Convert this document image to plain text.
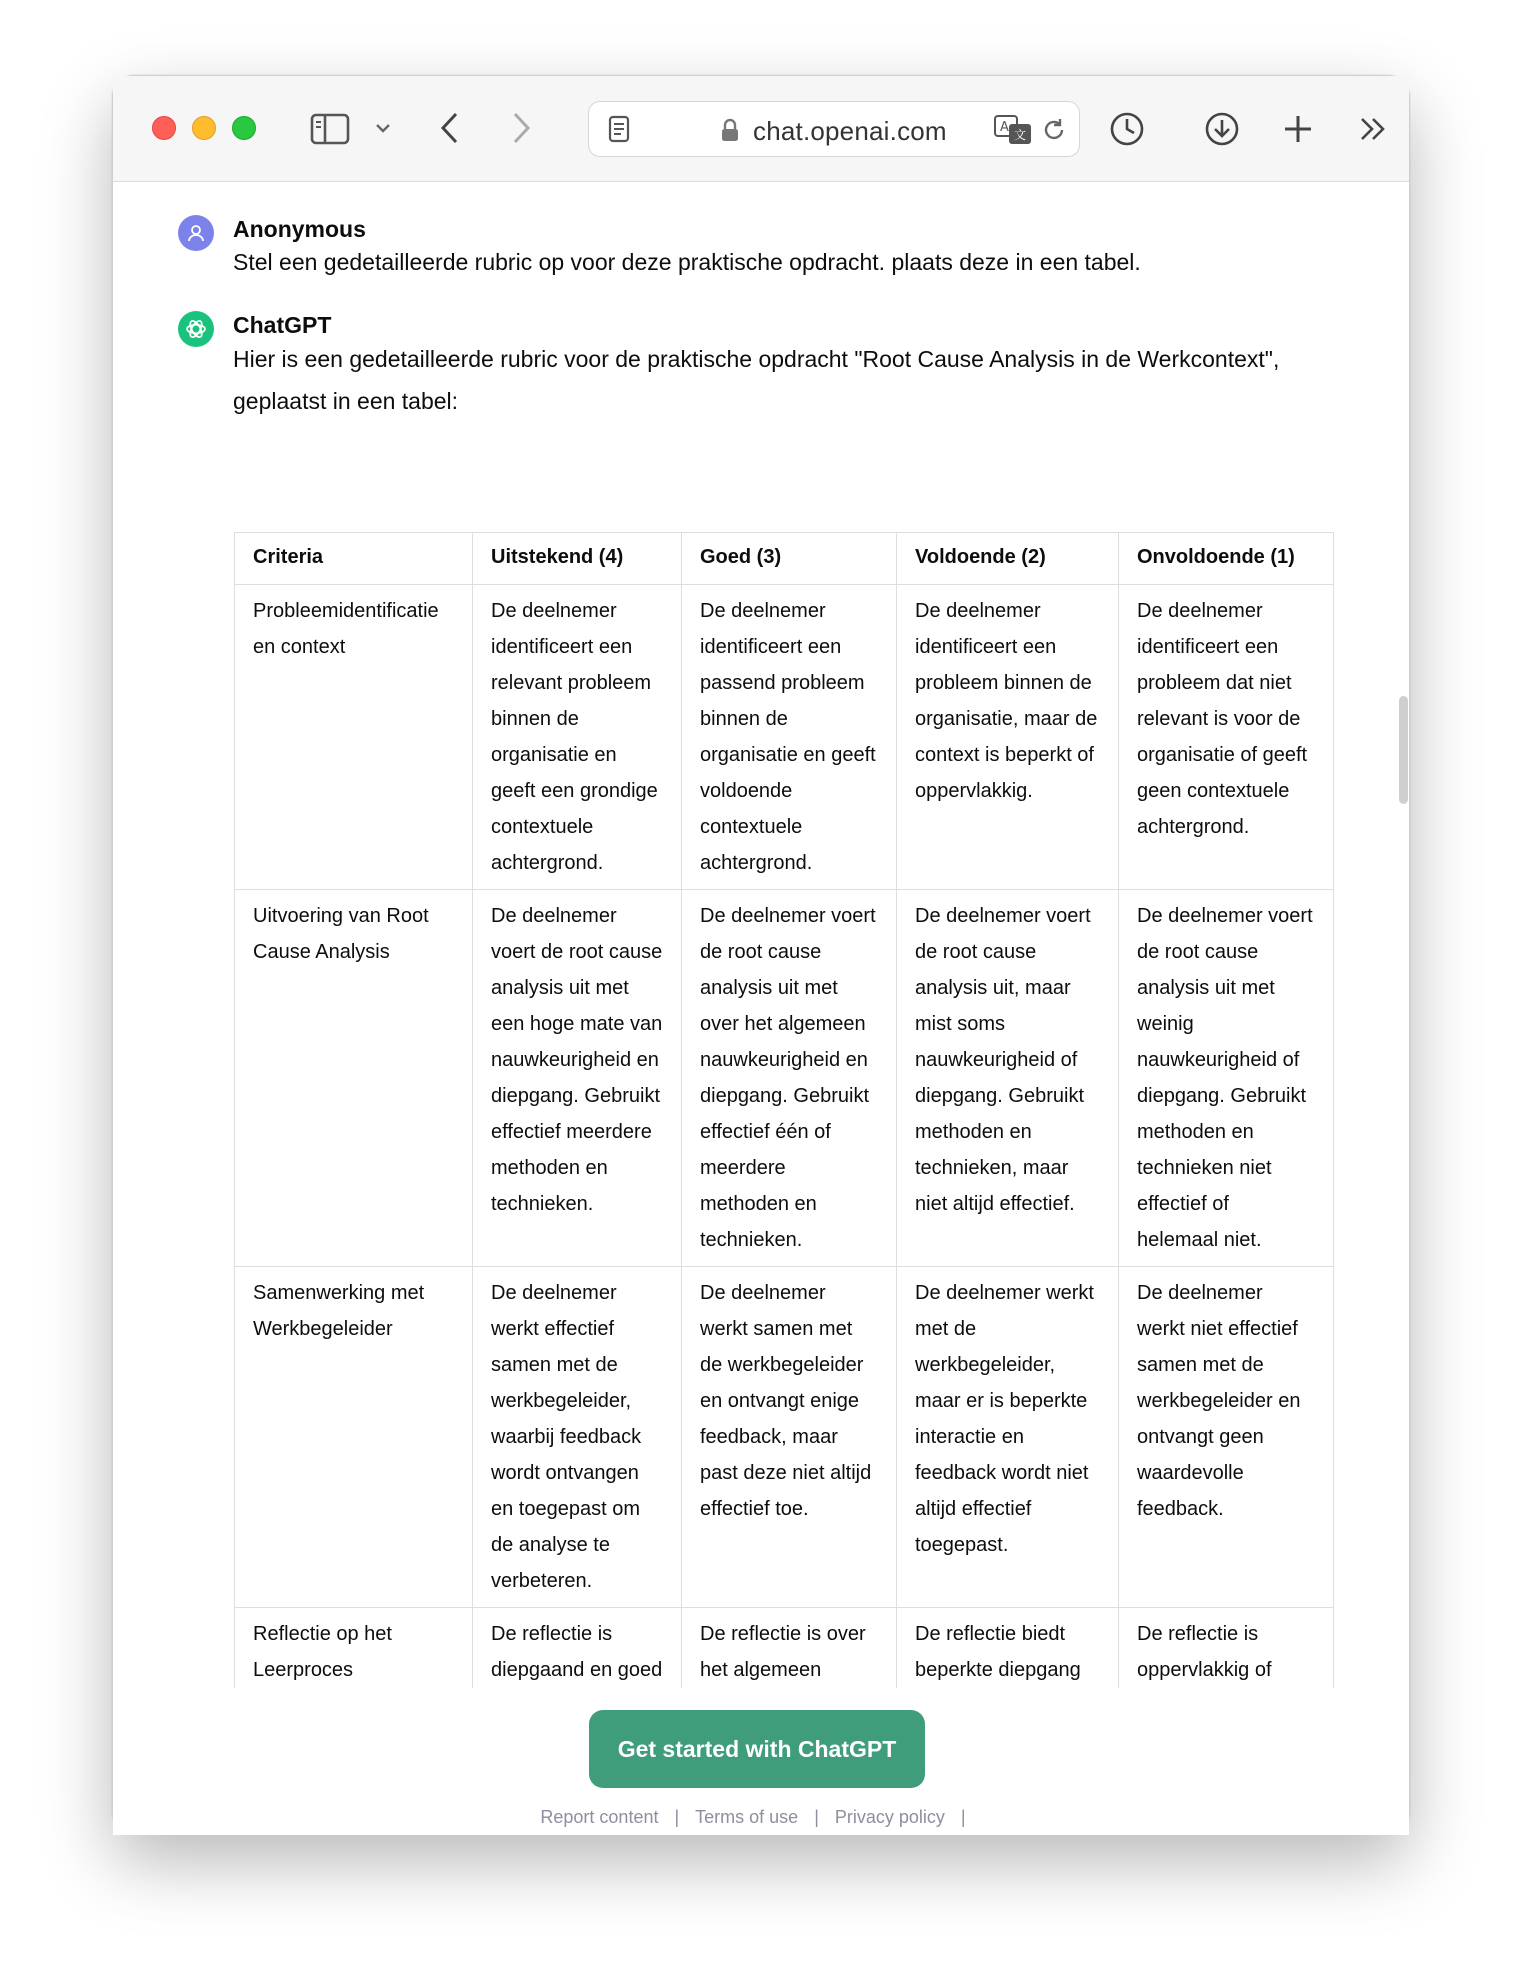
chat.openai.com	A 文
Anonymous
Stel een gedetailleerde rubric op voor deze praktische opdracht. plaats deze in een tabel.
ChatGPT
Hier is een gedetailleerde rubric voor de praktische opdracht "Root Cause Analysis in de Werkcontext", geplaatst in een tabel:
Criteria	Uitstekend (4)	Goed (3)	Voldoende (2)	Onvoldoende (1)
Probleemidentificatie en context	De deelnemer identificeert een relevant probleem binnen de organisatie en geeft een grondige contextuele achtergrond.	De deelnemer identificeert een passend probleem binnen de organisatie en geeft voldoende contextuele achtergrond.	De deelnemer identificeert een probleem binnen de organisatie, maar de context is beperkt of oppervlakkig.	De deelnemer identificeert een probleem dat niet relevant is voor de organisatie of geeft geen contextuele achtergrond.
Uitvoering van Root Cause Analysis	De deelnemer voert de root cause analysis uit met een hoge mate van nauwkeurigheid en diepgang. Gebruikt effectief meerdere methoden en technieken.	De deelnemer voert de root cause analysis uit met over het algemeen nauwkeurigheid en diepgang. Gebruikt effectief één of meerdere methoden en technieken.	De deelnemer voert de root cause analysis uit, maar mist soms nauwkeurigheid of diepgang. Gebruikt methoden en technieken, maar niet altijd effectief.	De deelnemer voert de root cause analysis uit met weinig nauwkeurigheid of diepgang. Gebruikt methoden en technieken niet effectief of helemaal niet.
Samenwerking met Werkbegeleider	De deelnemer werkt effectief samen met de werkbegeleider, waarbij feedback wordt ontvangen en toegepast om de analyse te verbeteren.	De deelnemer werkt samen met de werkbegeleider en ontvangt enige feedback, maar past deze niet altijd effectief toe.	De deelnemer werkt met de werkbegeleider, maar er is beperkte interactie en feedback wordt niet altijd effectief toegepast.	De deelnemer werkt niet effectief samen met de werkbegeleider en ontvangt geen waardevolle feedback.
Reflectie op het Leerproces	De reflectie is diepgaand en goed	De reflectie is over het algemeen	De reflectie biedt beperkte diepgang	De reflectie is oppervlakkig of
Get started with ChatGPT
Report content | Terms of use | Privacy policy |
